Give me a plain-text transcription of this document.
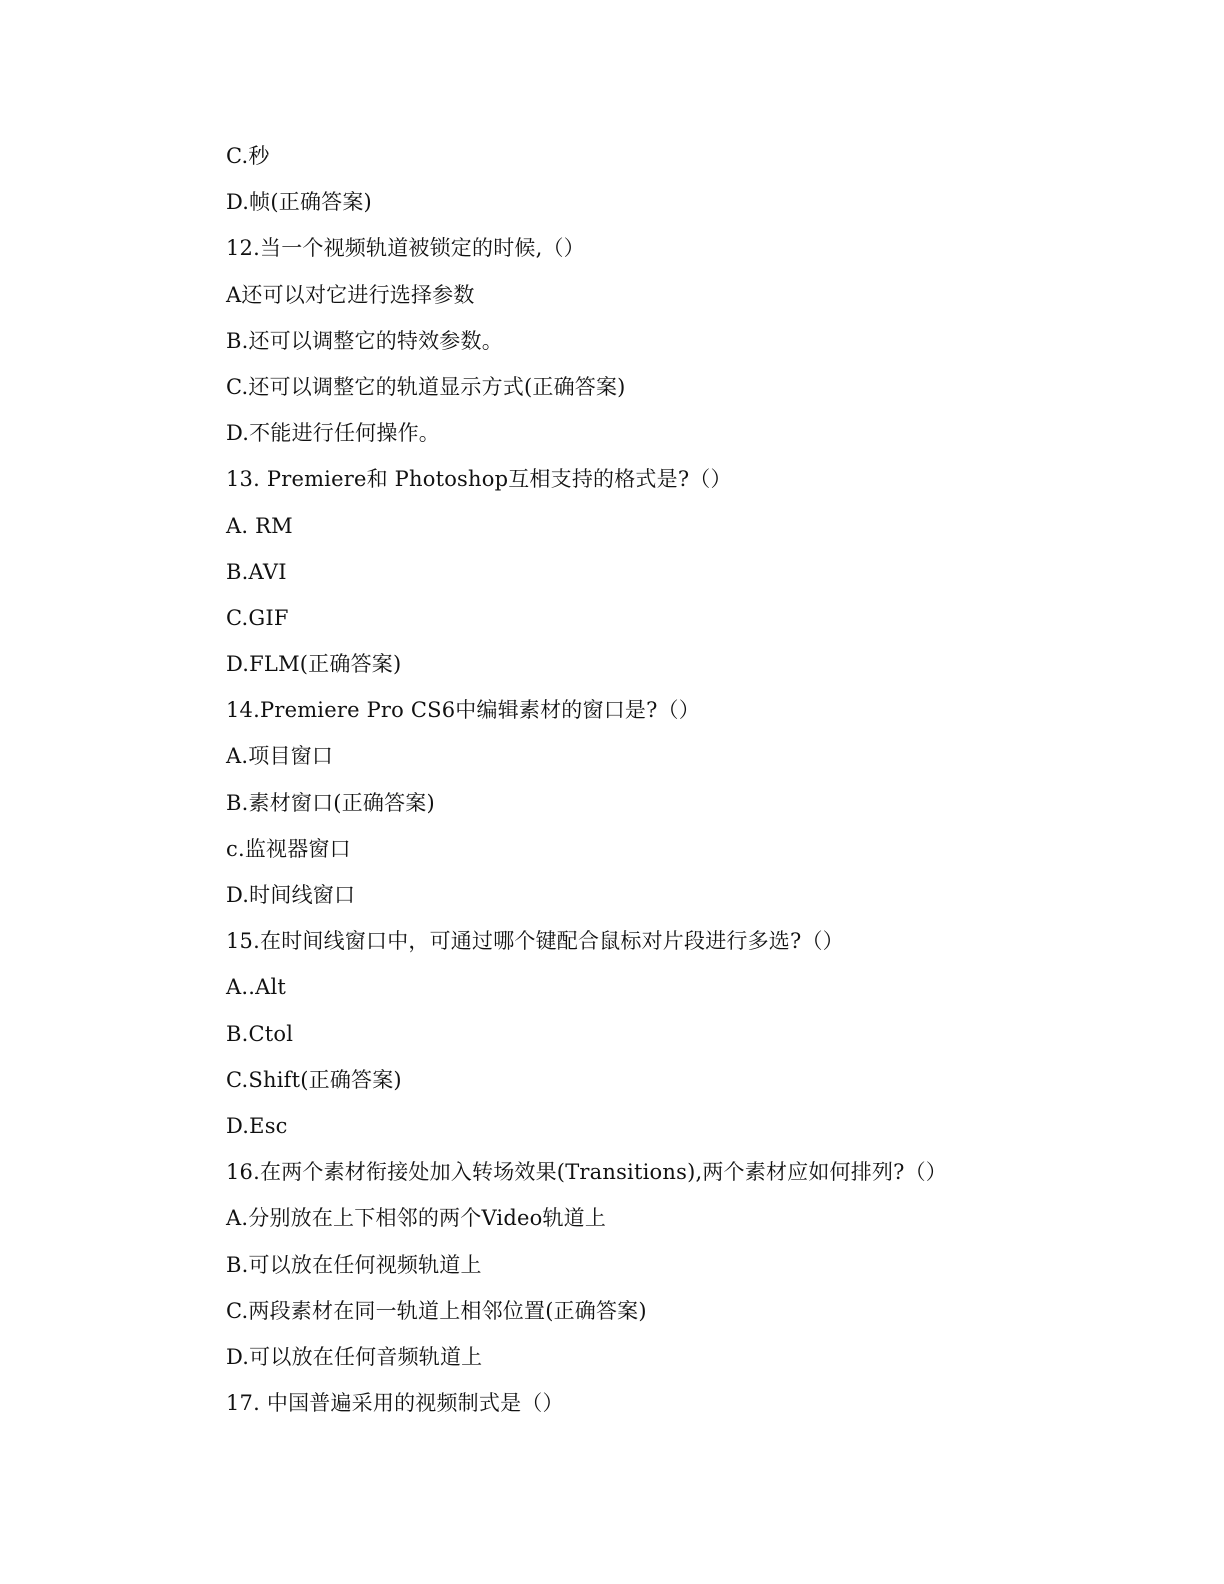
C.秒
D.帧(正确答案)
12.当一个视频轨道被锁定的时候,（）
A还可以对它进行选择参数
B.还可以调整它的特效参数。
C.还可以调整它的轨道显示方式(正确答案)
D.不能进行任何操作。
13. Premiere和 Photoshop互相支持的格式是?（）
A. RM
B.AVI
C.GIF
D.FLM(正确答案)
14.Premiere Pro CS6中编辑素材的窗口是?（）
A.项目窗口
B.素材窗口(正确答案)
c.监视器窗口
D.时间线窗口
15.在时间线窗口中，可通过哪个键配合鼠标对片段进行多选?（）
A..Alt
B.Ctol
C.Shift(正确答案)
D.Esc
16.在两个素材衔接处加入转场效果(Transitions),两个素材应如何排列?（）
A.分别放在上下相邻的两个Video轨道上
B.可以放在任何视频轨道上
C.两段素材在同一轨道上相邻位置(正确答案)
D.可以放在任何音频轨道上
17. 中国普遍采用的视频制式是（）
